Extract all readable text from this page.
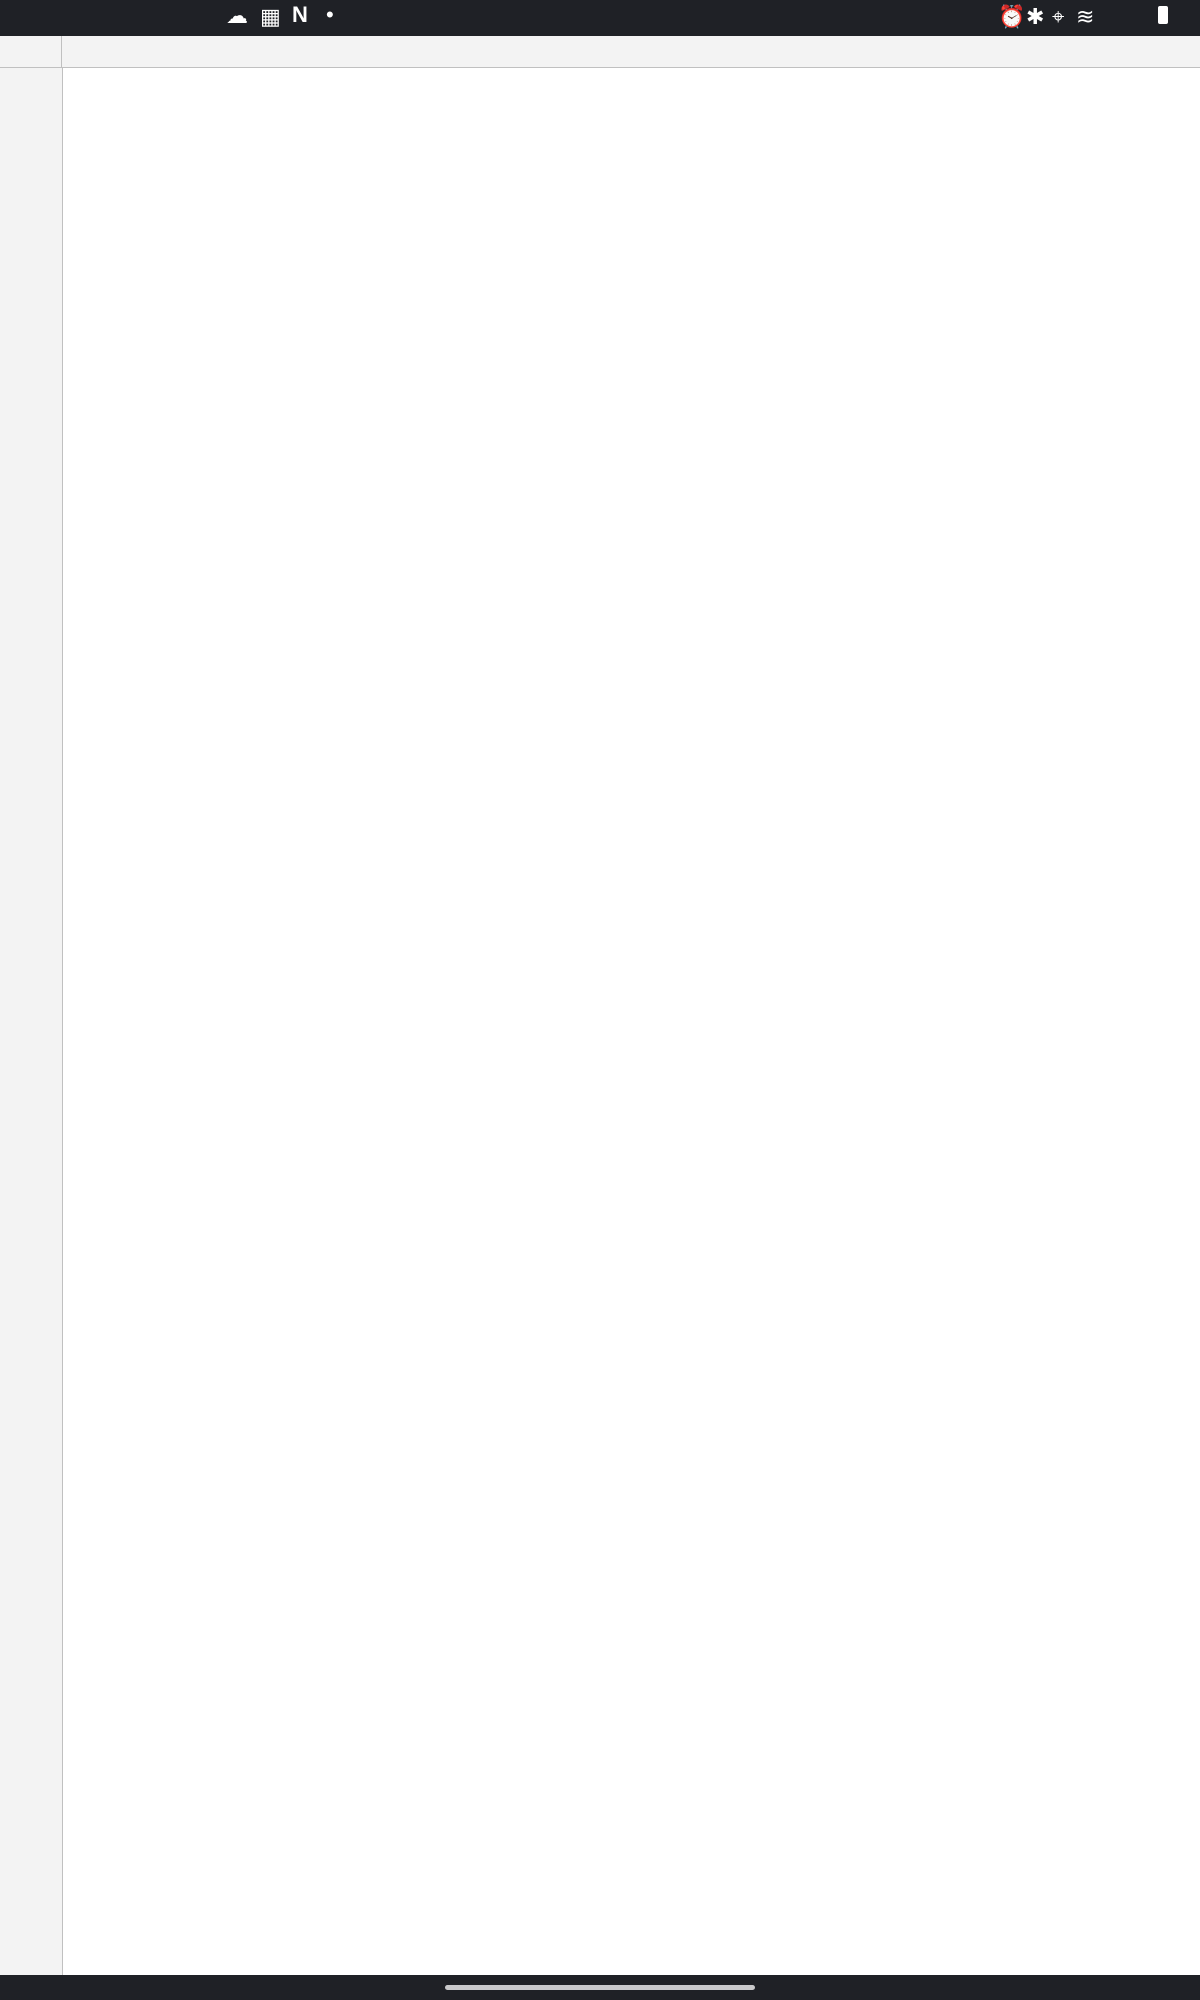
☁ ▦ N •	⏰ ✱ ⌖ ≋
